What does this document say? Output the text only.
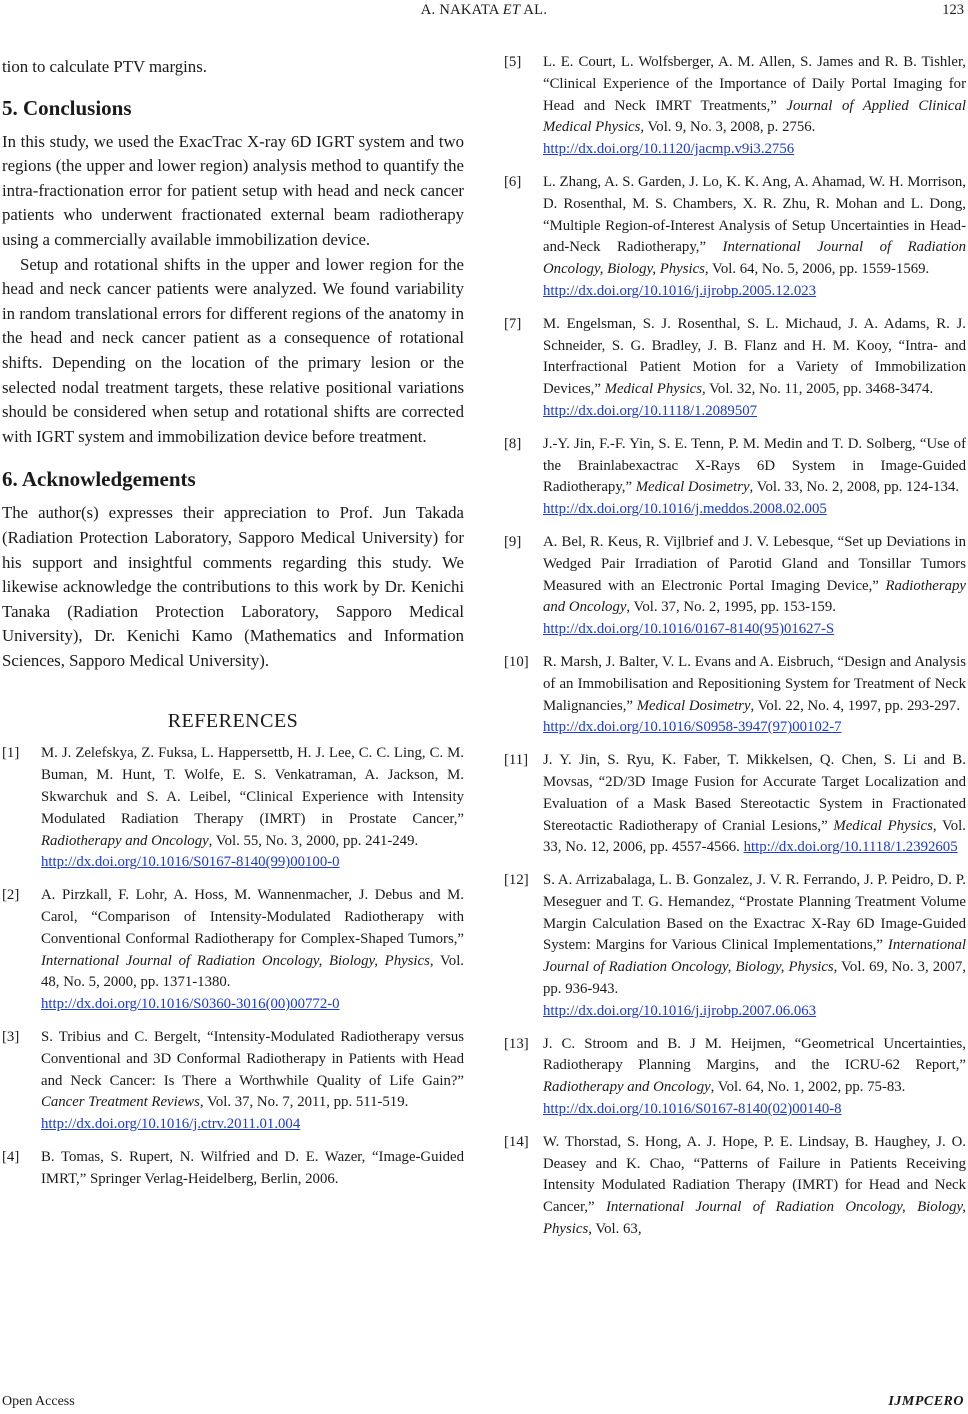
A. NAKATA ET AL.	123

tion to calculate PTV margins.

5. Conclusions

In this study, we used the ExacTrac X-ray 6D IGRT system and two regions (the upper and lower region) analysis method to quantify the intra-fractionation error for patient setup with head and neck cancer patients who underwent fractionated external beam radiotherapy using a commercially available immobilization device.

Setup and rotational shifts in the upper and lower region for the head and neck cancer patients were analyzed. We found variability in random translational errors for different regions of the anatomy in the head and neck cancer patient as a consequence of rotational shifts. Depending on the location of the primary lesion or the selected nodal treatment targets, these relative positional variations should be considered when setup and rotational shifts are corrected with IGRT system and immobilization device before treatment.

6. Acknowledgements

The author(s) expresses their appreciation to Prof. Jun Takada (Radiation Protection Laboratory, Sapporo Medical University) for his support and insightful comments regarding this study. We likewise acknowledge the contributions to this work by Dr. Kenichi Tanaka (Radiation Protection Laboratory, Sapporo Medical University), Dr. Kenichi Kamo (Mathematics and Information Sciences, Sapporo Medical University).

REFERENCES
[1] M. J. Zelefskya, Z. Fuksa, L. Happersettb, H. J. Lee, C. C. Ling, C. M. Buman, M. Hunt, T. Wolfe, E. S. Venkatraman, A. Jackson, M. Skwarchuk and S. A. Leibel, “Clinical Experience with Intensity Modulated Radiation Therapy (IMRT) in Prostate Cancer,” Radiotherapy and Oncology, Vol. 55, No. 3, 2000, pp. 241-249.
http://dx.doi.org/10.1016/S0167-8140(99)00100-0
[2] A. Pirzkall, F. Lohr, A. Hoss, M. Wannenmacher, J. Debus and M. Carol, “Comparison of Intensity-Modulated Radiotherapy with Conventional Conformal Radiotherapy for Complex-Shaped Tumors,” International Journal of Radiation Oncology, Biology, Physics, Vol. 48, No. 5, 2000, pp. 1371-1380.
http://dx.doi.org/10.1016/S0360-3016(00)00772-0
[3] S. Tribius and C. Bergelt, “Intensity-Modulated Radiotherapy versus Conventional and 3D Conformal Radiotherapy in Patients with Head and Neck Cancer: Is There a Worthwhile Quality of Life Gain?” Cancer Treatment Reviews, Vol. 37, No. 7, 2011, pp. 511-519.
http://dx.doi.org/10.1016/j.ctrv.2011.01.004
[4] B. Tomas, S. Rupert, N. Wilfried and D. E. Wazer, “Image-Guided IMRT,” Springer Verlag-Heidelberg, Berlin, 2006.
[5] L. E. Court, L. Wolfsberger, A. M. Allen, S. James and R. B. Tishler, “Clinical Experience of the Importance of Daily Portal Imaging for Head and Neck IMRT Treatments,” Journal of Applied Clinical Medical Physics, Vol. 9, No. 3, 2008, p. 2756.
http://dx.doi.org/10.1120/jacmp.v9i3.2756
[6] L. Zhang, A. S. Garden, J. Lo, K. K. Ang, A. Ahamad, W. H. Morrison, D. Rosenthal, M. S. Chambers, X. R. Zhu, R. Mohan and L. Dong, “Multiple Region-of-Interest Analysis of Setup Uncertainties in Head-and-Neck Radiotherapy,” International Journal of Radiation Oncology, Biology, Physics, Vol. 64, No. 5, 2006, pp. 1559-1569.
http://dx.doi.org/10.1016/j.ijrobp.2005.12.023
[7] M. Engelsman, S. J. Rosenthal, S. L. Michaud, J. A. Adams, R. J. Schneider, S. G. Bradley, J. B. Flanz and H. M. Kooy, “Intra- and Interfractional Patient Motion for a Variety of Immobilization Devices,” Medical Physics, Vol. 32, No. 11, 2005, pp. 3468-3474.
http://dx.doi.org/10.1118/1.2089507
[8] J.-Y. Jin, F.-F. Yin, S. E. Tenn, P. M. Medin and T. D. Solberg, “Use of the Brainlabexactrac X-Rays 6D System in Image-Guided Radiotherapy,” Medical Dosimetry, Vol. 33, No. 2, 2008, pp. 124-134.
http://dx.doi.org/10.1016/j.meddos.2008.02.005
[9] A. Bel, R. Keus, R. Vijlbrief and J. V. Lebesque, “Set up Deviations in Wedged Pair Irradiation of Parotid Gland and Tonsillar Tumors Measured with an Electronic Portal Imaging Device,” Radiotherapy and Oncology, Vol. 37, No. 2, 1995, pp. 153-159.
http://dx.doi.org/10.1016/0167-8140(95)01627-S
[10] R. Marsh, J. Balter, V. L. Evans and A. Eisbruch, “Design and Analysis of an Immobilisation and Repositioning System for Treatment of Neck Malignancies,” Medical Dosimetry, Vol. 22, No. 4, 1997, pp. 293-297.
http://dx.doi.org/10.1016/S0958-3947(97)00102-7
[11] J. Y. Jin, S. Ryu, K. Faber, T. Mikkelsen, Q. Chen, S. Li and B. Movsas, “2D/3D Image Fusion for Accurate Target Localization and Evaluation of a Mask Based Stereotactic System in Fractionated Stereotactic Radiotherapy of Cranial Lesions,” Medical Physics, Vol. 33, No. 12, 2006, pp. 4557-4566. http://dx.doi.org/10.1118/1.2392605
[12] S. A. Arrizabalaga, L. B. Gonzalez, J. V. R. Ferrando, J. P. Peidro, D. P. Meseguer and T. G. Hemandez, “Prostate Planning Treatment Volume Margin Calculation Based on the Exactrac X-Ray 6D Image-Guided System: Margins for Various Clinical Implementations,” International Journal of Radiation Oncology, Biology, Physics, Vol. 69, No. 3, 2007, pp. 936-943.
http://dx.doi.org/10.1016/j.ijrobp.2007.06.063
[13] J. C. Stroom and B. J M. Heijmen, “Geometrical Uncertainties, Radiotherapy Planning Margins, and the ICRU-62 Report,” Radiotherapy and Oncology, Vol. 64, No. 1, 2002, pp. 75-83.
http://dx.doi.org/10.1016/S0167-8140(02)00140-8
[14] W. Thorstad, S. Hong, A. J. Hope, P. E. Lindsay, B. Haughey, J. O. Deasey and K. Chao, “Patterns of Failure in Patients Receiving Intensity Modulated Radiation Therapy (IMRT) for Head and Neck Cancer,” International Journal of Radiation Oncology, Biology, Physics, Vol. 63,
Open Access	IJMPCERO
